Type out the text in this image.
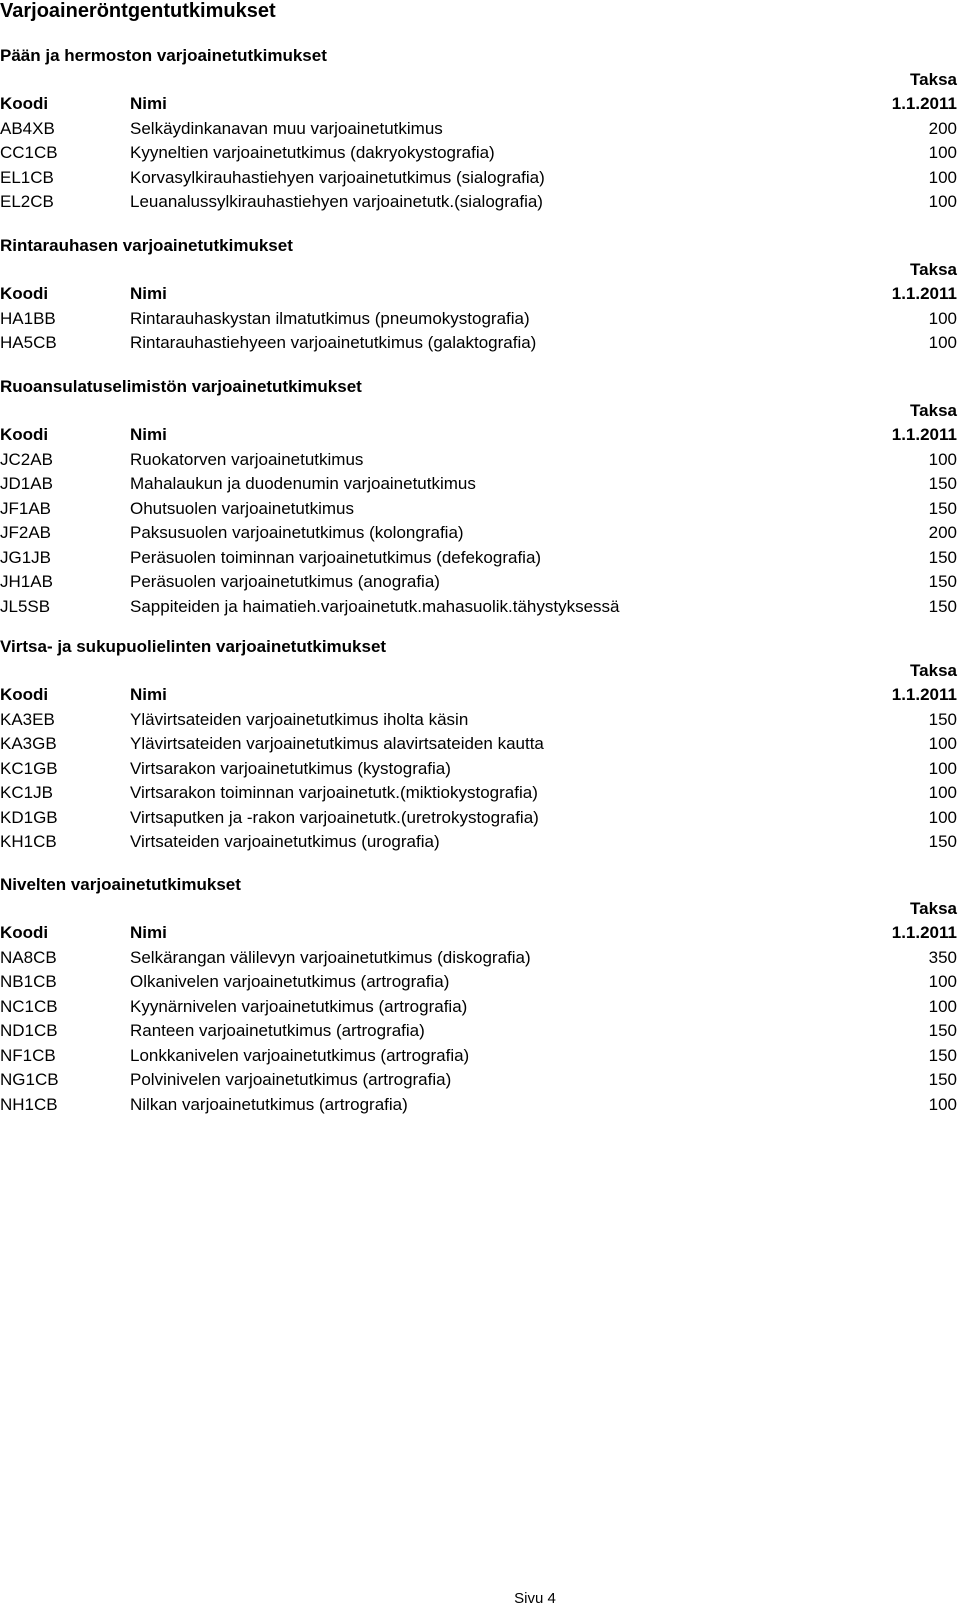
Varjoaineröntgentutkimukset
Pään ja hermoston varjoainetutkimukset
Taksa
Koodi	Nimi	1.1.2011
AB4XB	Selkäydinkanavan muu varjoainetutkimus	200
CC1CB	Kyyneltien varjoainetutkimus (dakryokystografia)	100
EL1CB	Korvasylkirauhastiehyen varjoainetutkimus (sialografia)	100
EL2CB	Leuanalussylkirauhastiehyen varjoainetutk.(sialografia)	100
Rintarauhasen varjoainetutkimukset
Taksa
Koodi	Nimi	1.1.2011
HA1BB	Rintarauhaskystan ilmatutkimus (pneumokystografia)	100
HA5CB	Rintarauhastiehyeen varjoainetutkimus (galaktografia)	100
Ruoansulatuselimistön varjoainetutkimukset
Taksa
Koodi	Nimi	1.1.2011
JC2AB	Ruokatorven varjoainetutkimus	100
JD1AB	Mahalaukun ja duodenumin varjoainetutkimus	150
JF1AB	Ohutsuolen varjoainetutkimus	150
JF2AB	Paksusuolen varjoainetutkimus (kolongrafia)	200
JG1JB	Peräsuolen toiminnan varjoainetutkimus (defekografia)	150
JH1AB	Peräsuolen varjoainetutkimus (anografia)	150
JL5SB	Sappiteiden ja haimatieh.varjoainetutk.mahasuolik.tähystyksessä	150
Virtsa- ja sukupuolielinten varjoainetutkimukset
Taksa
Koodi	Nimi	1.1.2011
KA3EB	Ylävirtsateiden varjoainetutkimus iholta käsin	150
KA3GB	Ylävirtsateiden varjoainetutkimus alavirtsateiden kautta	100
KC1GB	Virtsarakon varjoainetutkimus (kystografia)	100
KC1JB	Virtsarakon toiminnan varjoainetutk.(miktiokystografia)	100
KD1GB	Virtsaputken ja -rakon varjoainetutk.(uretrokystografia)	100
KH1CB	Virtsateiden varjoainetutkimus (urografia)	150
Nivelten varjoainetutkimukset
Taksa
Koodi	Nimi	1.1.2011
NA8CB	Selkärangan välilevyn varjoainetutkimus (diskografia)	350
NB1CB	Olkanivelen varjoainetutkimus (artrografia)	100
NC1CB	Kyynärnivelen varjoainetutkimus (artrografia)	100
ND1CB	Ranteen varjoainetutkimus (artrografia)	150
NF1CB	Lonkkanivelen varjoainetutkimus (artrografia)	150
NG1CB	Polvinivelen varjoainetutkimus (artrografia)	150
NH1CB	Nilkan varjoainetutkimus (artrografia)	100
Sivu 4
